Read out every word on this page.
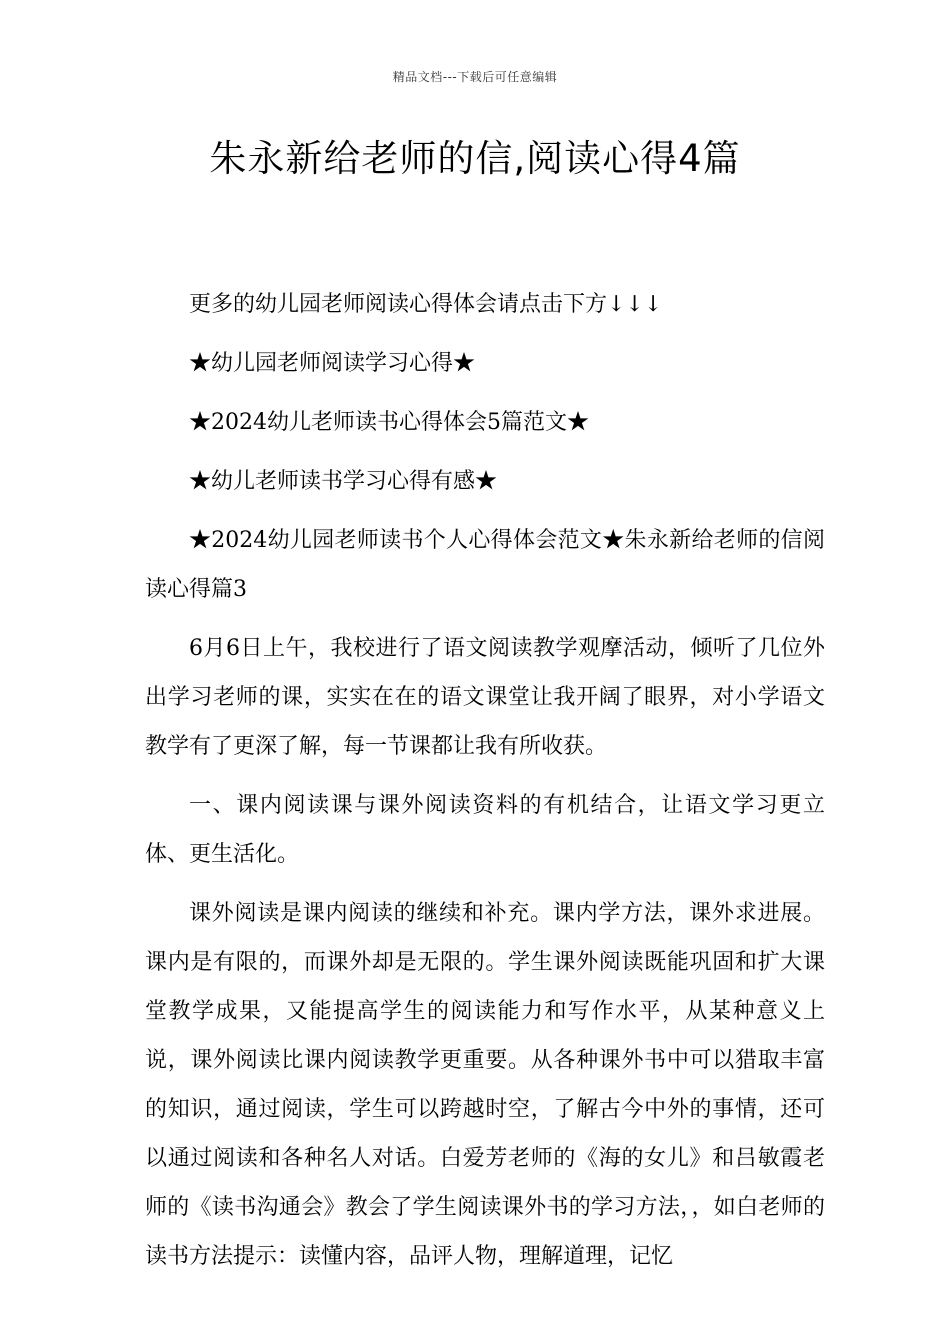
精品文档---下载后可任意编辑
朱永新给老师的信,阅读心得4篇

更多的幼儿园老师阅读心得体会请点击下方↓↓↓

★幼儿园老师阅读学习心得★

★2024幼儿老师读书心得体会5篇范文★

★幼儿老师读书学习心得有感★

★2024幼儿园老师读书个人心得体会范文★朱永新给老师的信阅读心得篇3

6月6日上午，我校进行了语文阅读教学观摩活动，倾听了几位外出学习老师的课，实实在在的语文课堂让我开阔了眼界，对小学语文教学有了更深了解，每一节课都让我有所收获。

一、课内阅读课与课外阅读资料的有机结合，让语文学习更立体、更生活化。

课外阅读是课内阅读的继续和补充。课内学方法，课外求进展。课内是有限的，而课外却是无限的。学生课外阅读既能巩固和扩大课堂教学成果，又能提高学生的阅读能力和写作水平，从某种意义上说，课外阅读比课内阅读教学更重要。从各种课外书中可以猎取丰富的知识，通过阅读，学生可以跨越时空，了解古今中外的事情，还可以通过阅读和各种名人对话。白爱芳老师的《海的女儿》和吕敏霞老师的《读书沟通会》教会了学生阅读课外书的学习方法，，如白老师的读书方法提示：读懂内容，品评人物，理解道理，记忆
